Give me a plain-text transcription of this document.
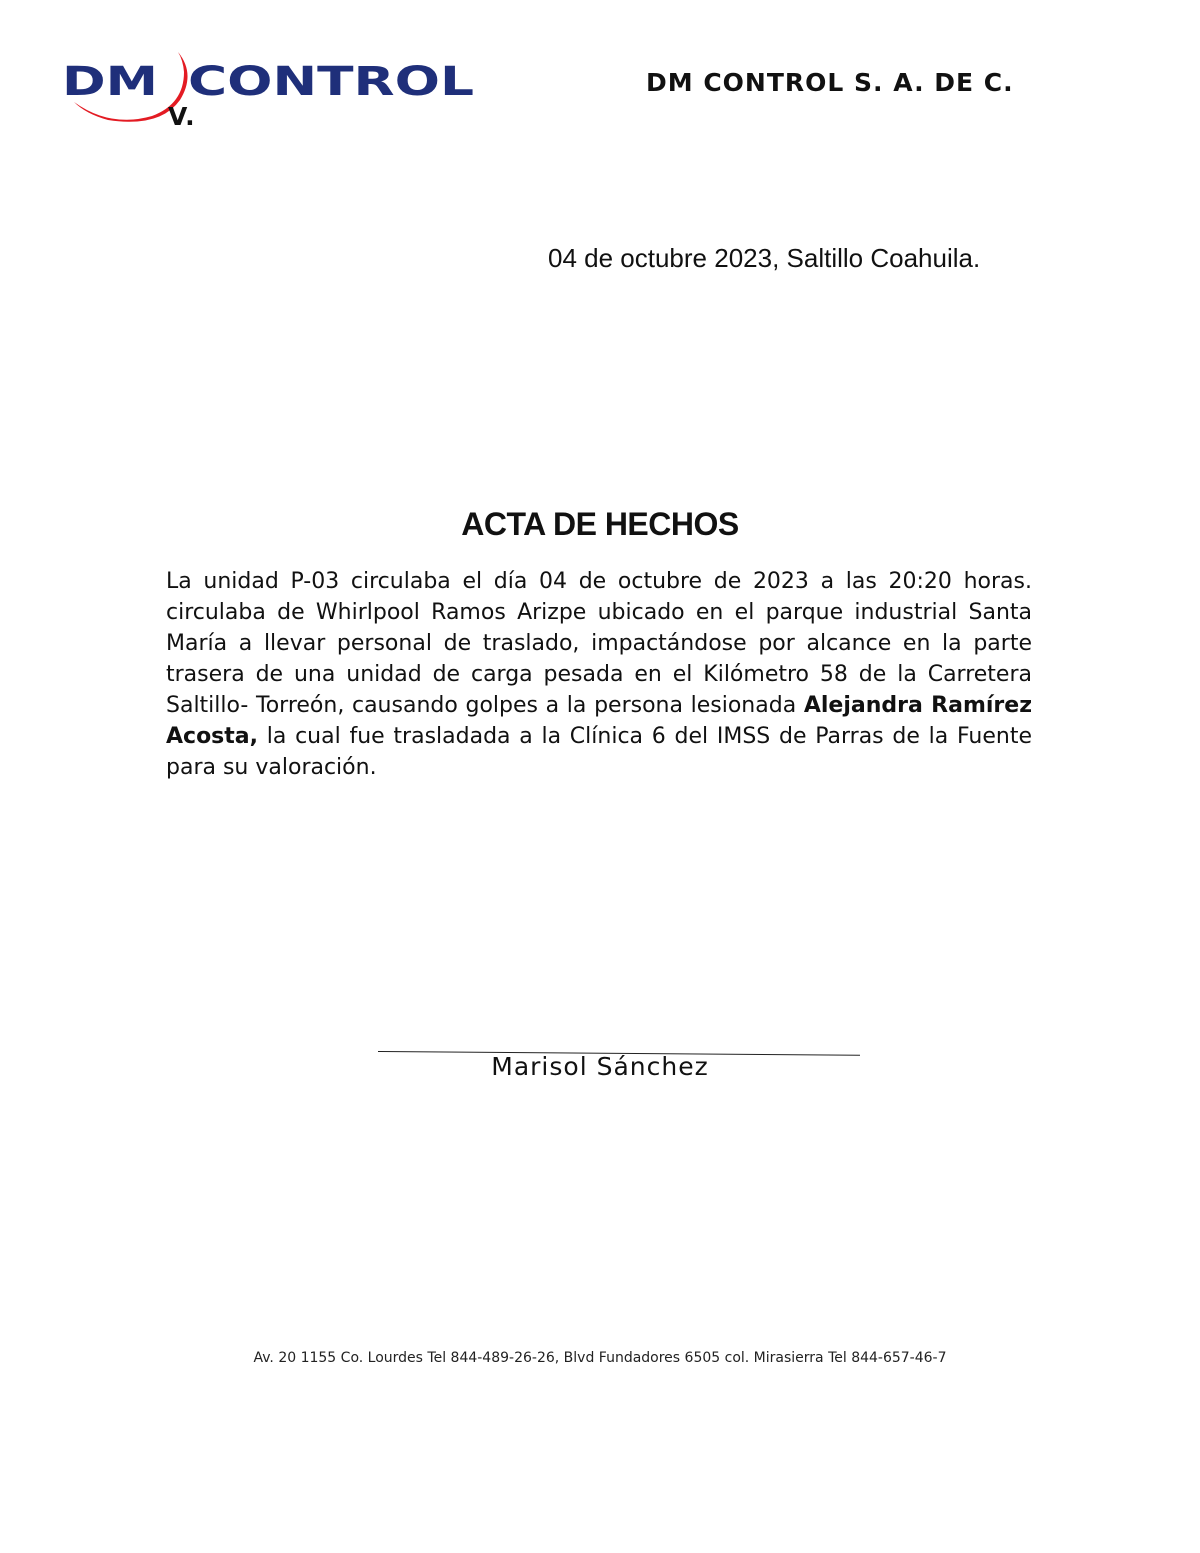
DM CONTROL	DM CONTROL S. A. DE C.
V.
04 de octubre 2023, Saltillo Coahuila.
ACTA DE HECHOS

La unidad P-03 circulaba el día 04 de octubre de 2023 a las 20:20 horas. circulaba de Whirlpool Ramos Arizpe ubicado en el parque industrial Santa María a llevar personal de traslado, impactándose por alcance en la parte trasera de una unidad de carga pesada en el Kilómetro 58 de la Carretera Saltillo- Torreón, causando golpes a la persona lesionada Alejandra Ramírez Acosta, la cual fue trasladada a la Clínica 6 del IMSS de Parras de la Fuente para su valoración.

Marisol Sánchez
Av. 20 1155 Co. Lourdes Tel 844-489-26-26, Blvd Fundadores 6505 col. Mirasierra Tel 844-657-46-7
